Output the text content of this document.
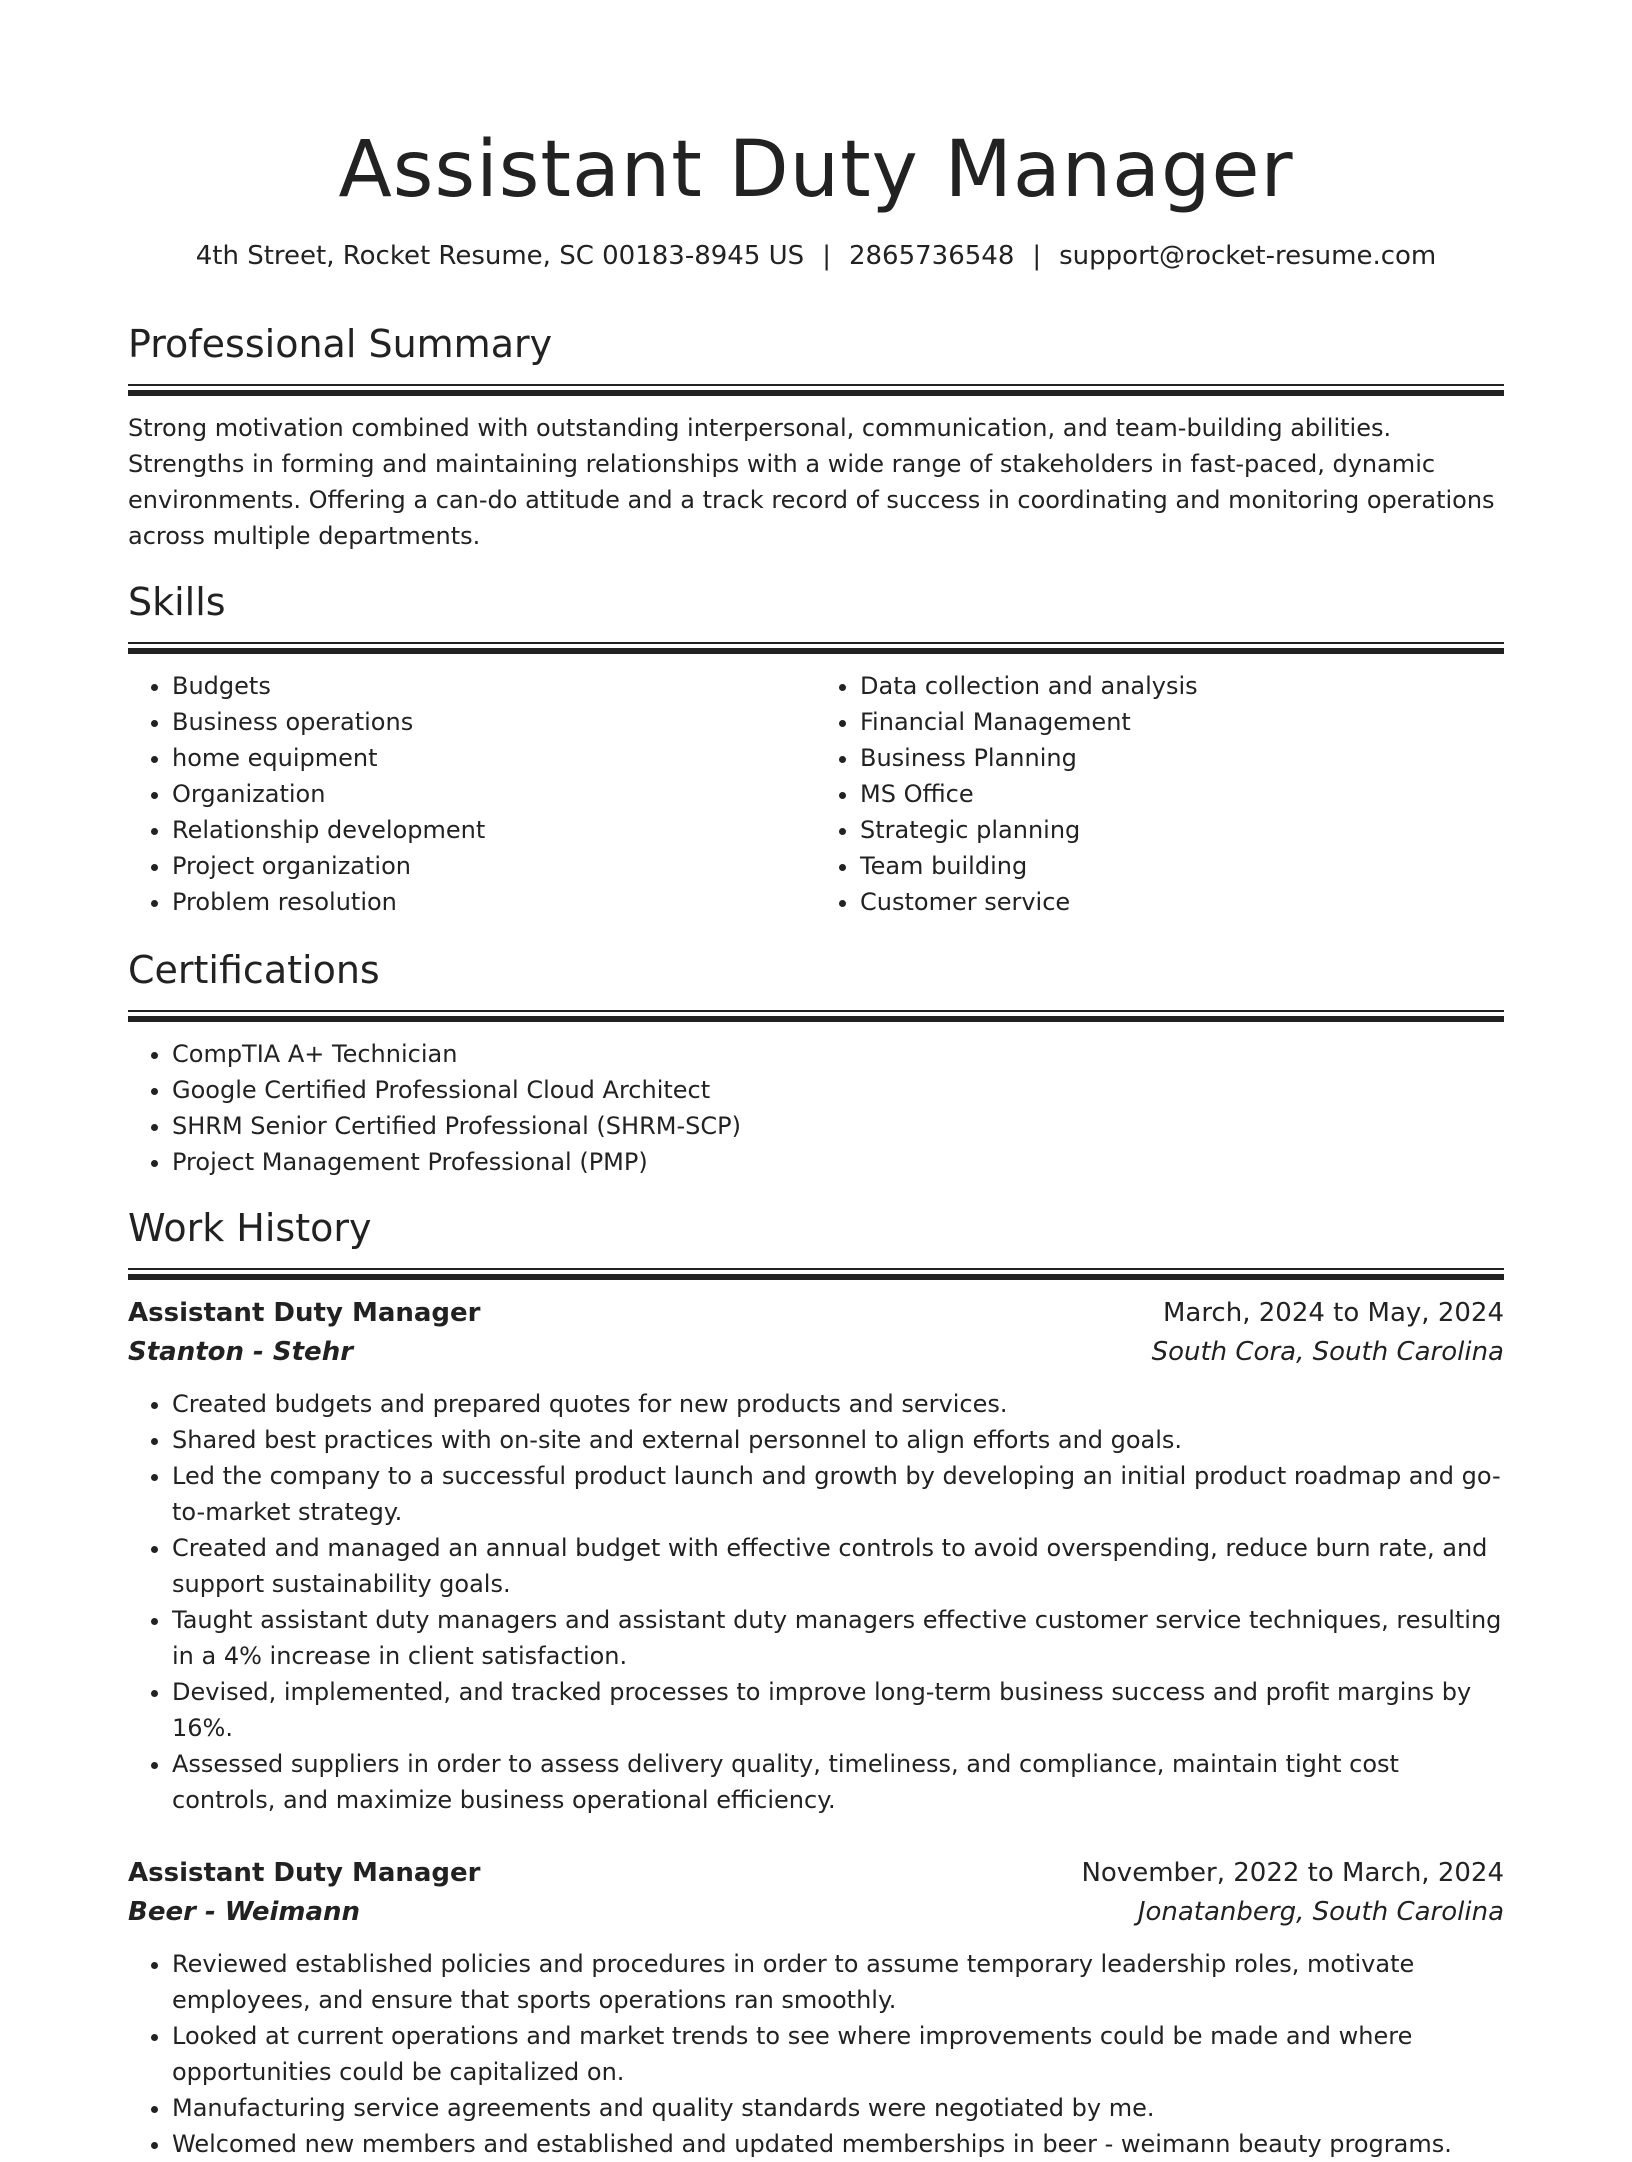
Assistant Duty Manager
4th Street, Rocket Resume, SC 00183-8945 US | 2865736548 | support@rocket-resume.com
Professional Summary

Strong motivation combined with outstanding interpersonal, communication, and team-building abilities. Strengths in forming and maintaining relationships with a wide range of stakeholders in fast-paced, dynamic environments. Offering a can-do attitude and a track record of success in coordinating and monitoring operations across multiple departments.

Skills
• Budgets
• Business operations
• home equipment
• Organization
• Relationship development
• Project organization
• Problem resolution
• Data collection and analysis
• Financial Management
• Business Planning
• MS Office
• Strategic planning
• Team building
• Customer service
Certifications
• CompTIA A+ Technician
• Google Certified Professional Cloud Architect
• SHRM Senior Certified Professional (SHRM-SCP)
• Project Management Professional (PMP)
Work History
Assistant Duty Manager	March, 2024 to May, 2024
Stanton - Stehr	South Cora, South Carolina
• Created budgets and prepared quotes for new products and services.
• Shared best practices with on-site and external personnel to align efforts and goals.
• Led the company to a successful product launch and growth by developing an initial product roadmap and go-to-market strategy.
• Created and managed an annual budget with effective controls to avoid overspending, reduce burn rate, and support sustainability goals.
• Taught assistant duty managers and assistant duty managers effective customer service techniques, resulting in a 4% increase in client satisfaction.
• Devised, implemented, and tracked processes to improve long-term business success and profit margins by 16%.
• Assessed suppliers in order to assess delivery quality, timeliness, and compliance, maintain tight cost controls, and maximize business operational efficiency.
Assistant Duty Manager	November, 2022 to March, 2024
Beer - Weimann	Jonatanberg, South Carolina
• Reviewed established policies and procedures in order to assume temporary leadership roles, motivate employees, and ensure that sports operations ran smoothly.
• Looked at current operations and market trends to see where improvements could be made and where opportunities could be capitalized on.
• Manufacturing service agreements and quality standards were negotiated by me.
• Welcomed new members and established and updated memberships in beer - weimann beauty programs.
